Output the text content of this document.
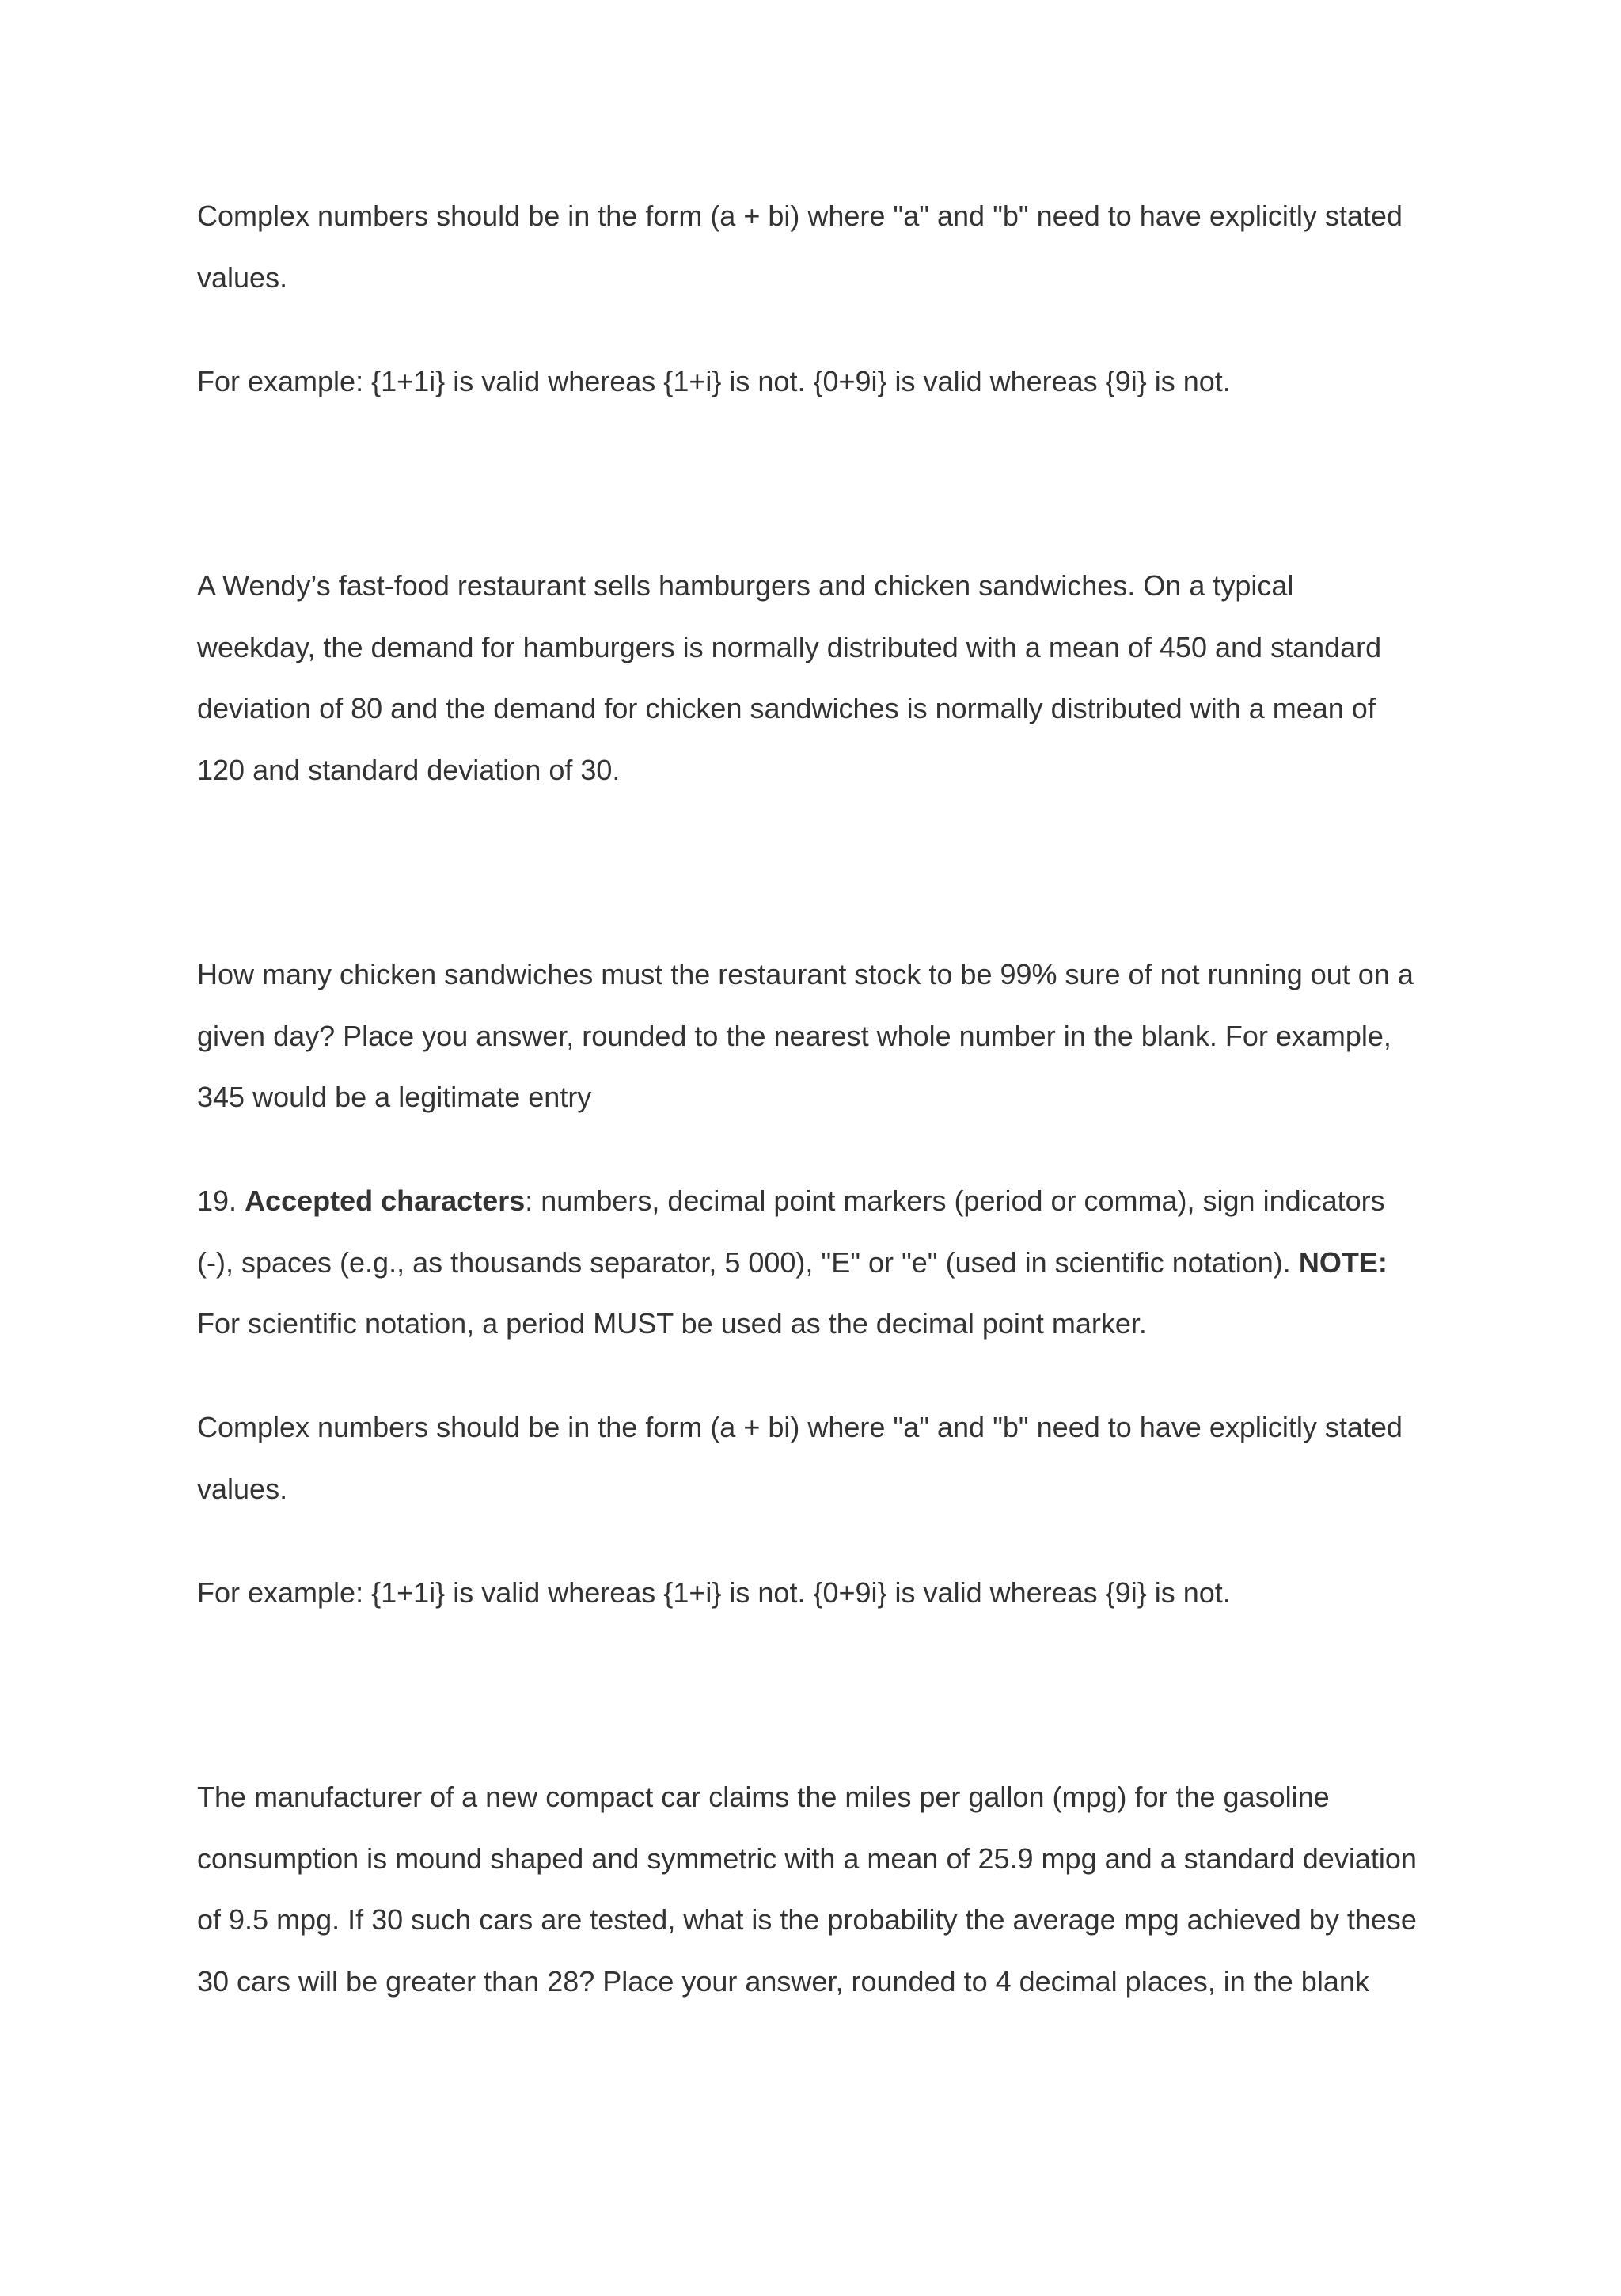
Complex numbers should be in the form (a + bi) where "a" and "b" need to have explicitly stated
values.

For example: {1+1i} is valid whereas {1+i} is not. {0+9i} is valid whereas {9i} is not.

A Wendy’s fast-food restaurant sells hamburgers and chicken sandwiches. On a typical
weekday, the demand for hamburgers is normally distributed with a mean of 450 and standard
deviation of 80 and the demand for chicken sandwiches is normally distributed with a mean of
120 and standard deviation of 30.

How many chicken sandwiches must the restaurant stock to be 99% sure of not running out on a
given day? Place you answer, rounded to the nearest whole number in the blank. For example,
345 would be a legitimate entry

19. Accepted characters: numbers, decimal point markers (period or comma), sign indicators
(-), spaces (e.g., as thousands separator, 5 000), "E" or "e" (used in scientific notation). NOTE:
For scientific notation, a period MUST be used as the decimal point marker.

Complex numbers should be in the form (a + bi) where "a" and "b" need to have explicitly stated
values.

For example: {1+1i} is valid whereas {1+i} is not. {0+9i} is valid whereas {9i} is not.

The manufacturer of a new compact car claims the miles per gallon (mpg) for the gasoline
consumption is mound shaped and symmetric with a mean of 25.9 mpg and a standard deviation
of 9.5 mpg. If 30 such cars are tested, what is the probability the average mpg achieved by these
30 cars will be greater than 28? Place your answer, rounded to 4 decimal places, in the blank
